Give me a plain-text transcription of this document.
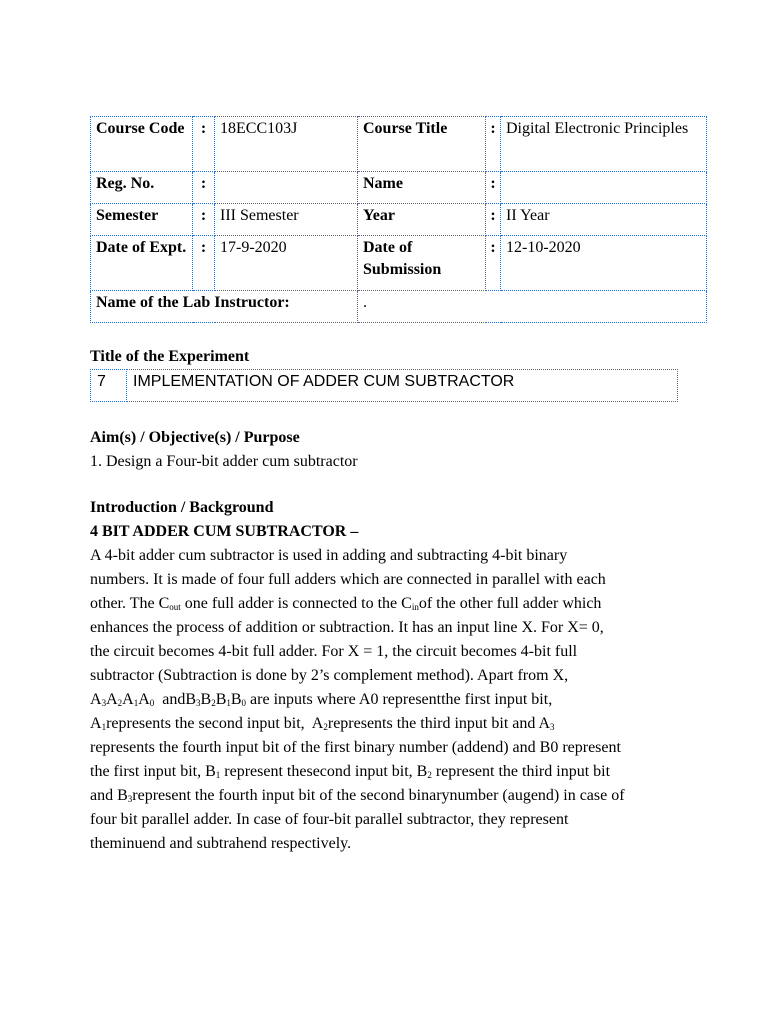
Course Code	:	18ECC103J	Course Title	:	Digital Electronic Principles
Reg. No.	:		Name	:	
Semester	:	III Semester	Year	:	II Year
Date of Expt.	:	17-9-2020	Date of Submission	:	12-10-2020
Name of the Lab Instructor:			.		
Title of the Experiment
7	IMPLEMENTATION OF ADDER CUM SUBTRACTOR
Aim(s) / Objective(s) / Purpose
1. Design a Four-bit adder cum subtractor
Introduction / Background
4 BIT ADDER CUM SUBTRACTOR –
A 4-bit adder cum subtractor is used in adding and subtracting 4-bit binary
numbers. It is made of four full adders which are connected in parallel with each
other. The $C_{out}$ one full adder is connected to the $C_{in}of$ the other full adder which
enhances the process of addition or subtraction. It has an input line X. For X= 0,
the circuit becomes 4-bit full adder. For X = 1, the circuit becomes 4-bit full
subtractor (Subtraction is done by 2’s complement method). Apart from X,
$A_3A_2A_1A_0$  $andB_3B_2B_1B_0$ are inputs where A0 representthe first input bit,
$A_1represents$ the second input bit,  $A_2represents$ the third input bit and $A_3$
represents the fourth input bit of the first binary number (addend) and B0 represent
the first input bit, $B_1$ represent thesecond input bit, $B_2$ represent the third input bit
and $B_3represent$ the fourth input bit of the second binarynumber (augend) in case of
four bit parallel adder. In case of four-bit parallel subtractor, they represent
theminuend and subtrahend respectively.
